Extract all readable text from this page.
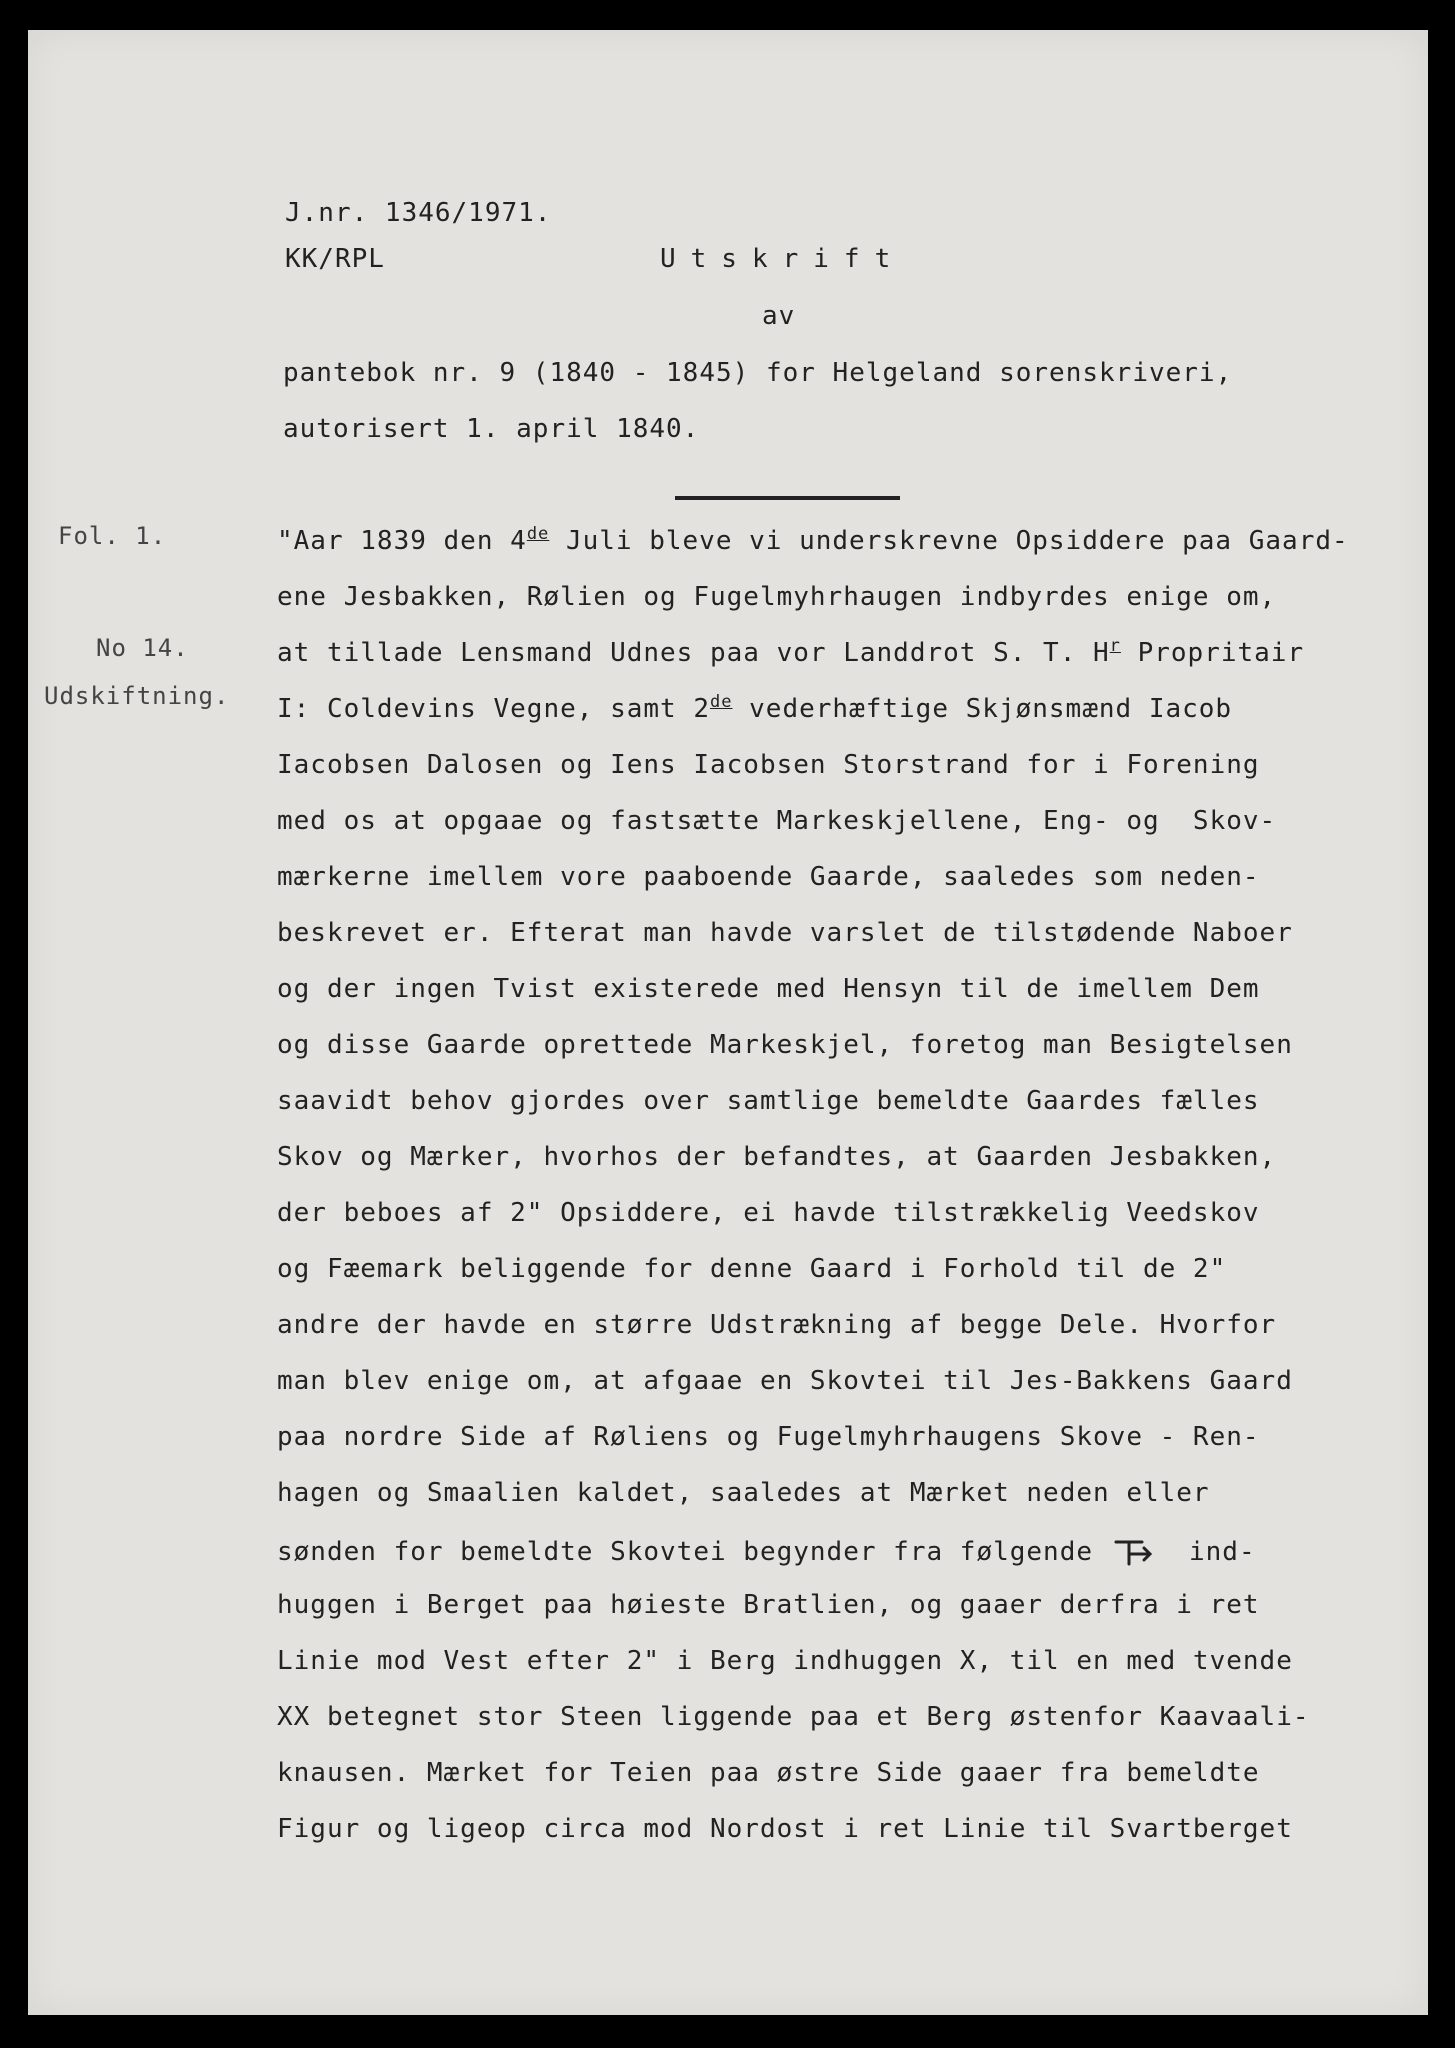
J.nr. 1346/1971.
KK/RPL	Utskrift
av
pantebok nr. 9 (1840 - 1845) for Helgeland sorenskriveri,
autorisert 1. april 1840.
Fol. 1.
No 14.
Udskiftning.
"Aar 1839 den 4de Juli bleve vi underskrevne Opsiddere paa Gaard-
ene Jesbakken, Rølien og Fugelmyhrhaugen indbyrdes enige om,
at tillade Lensmand Udnes paa vor Landdrot S. T. $H^r$ Propritair
I: Coldevins Vegne, samt 2de vederhæftige Skjønsmænd Iacob
Iacobsen Dalosen og Iens Iacobsen Storstrand for i Forening
med os at opgaae og fastsætte Markeskjellene, Eng- og  Skov-
mærkerne imellem vore paaboende Gaarde, saaledes som neden-
beskrevet er. Efterat man havde varslet de tilstødende Naboer
og der ingen Tvist existerede med Hensyn til de imellem Dem
og disse Gaarde oprettede Markeskjel, foretog man Besigtelsen
saavidt behov gjordes over samtlige bemeldte Gaardes fælles
Skov og Mærker, hvorhos der befandtes, at Gaarden Jesbakken,
der beboes af 2" Opsiddere, ei havde tilstrækkelig Veedskov
og Fæemark beliggende for denne Gaard i Forhold til de 2"
andre der havde en større Udstrækning af begge Dele. Hvorfor
man blev enige om, at afgaae en Skovtei til Jes-Bakkens Gaard
paa nordre Side af Røliens og Fugelmyhrhaugens Skove - Ren-
hagen og Smaalien kaldet, saaledes at Mærket neden eller
sønden for bemeldte Skovtei begynder fra følgende   ind-
huggen i Berget paa høieste Bratlien, og gaaer derfra i ret
Linie mod Vest efter 2" i Berg indhuggen X, til en med tvende
XX betegnet stor Steen liggende paa et Berg østenfor Kaavaali-
knausen. Mærket for Teien paa østre Side gaaer fra bemeldte
Figur og ligeop circa mod Nordost i ret Linie til Svartberget
